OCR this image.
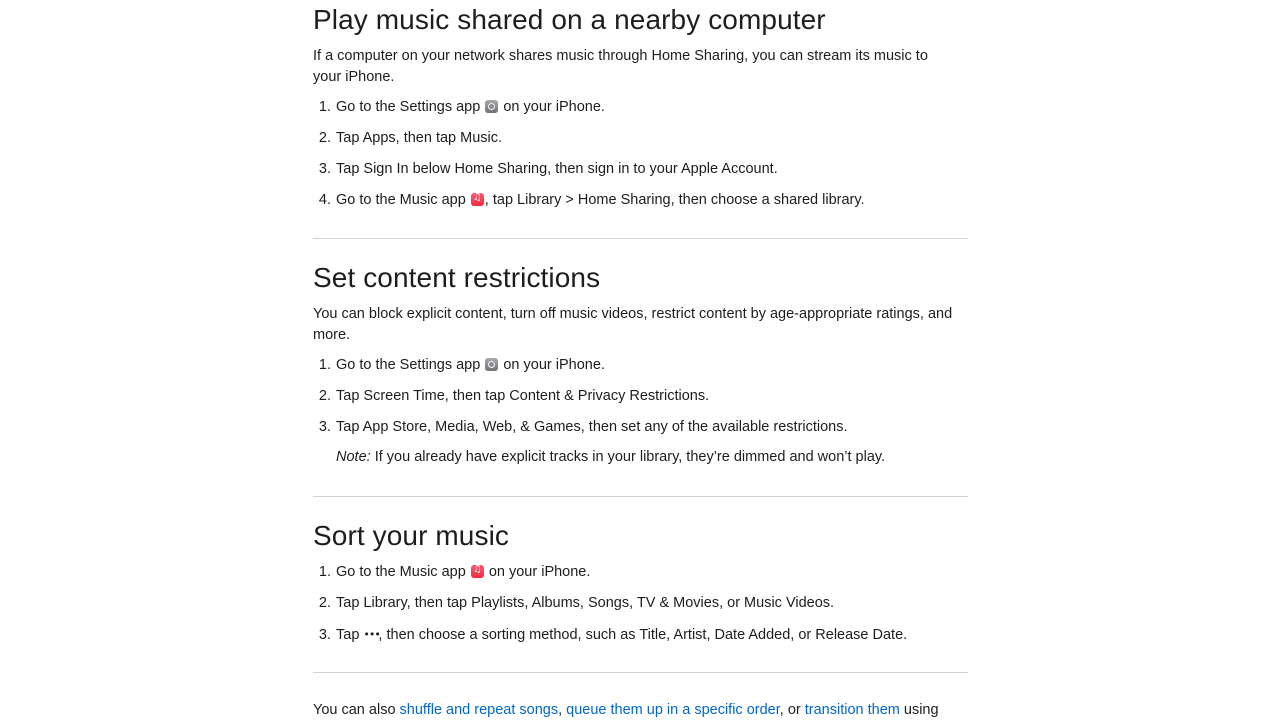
Play music shared on a nearby computer

If a computer on your network shares music through Home Sharing, you can stream its music to your iPhone.

1. Go to the Settings app  on your iPhone.
2. Tap Apps, then tap Music.
3. Tap Sign In below Home Sharing, then sign in to your Apple Account.
4. Go to the Music app ♫ , tap Library > Home Sharing, then choose a shared library.
Set content restrictions

You can block explicit content, turn off music videos, restrict content by age-appropriate ratings, and more.

1. Go to the Settings app  on your iPhone.
2. Tap Screen Time, then tap Content & Privacy Restrictions.
3. Tap App Store, Media, Web, & Games, then set any of the available restrictions.
Note: If you already have explicit tracks in your library, they’re dimmed and won’t play.
Sort your music
1. Go to the Music app ♫ on your iPhone.
2. Tap Library, then tap Playlists, Albums, Songs, TV & Movies, or Music Videos.
3. Tap •••, then choose a sorting method, such as Title, Artist, Date Added, or Release Date.

You can also shuffle and repeat songs, queue them up in a specific order, or transition them using
